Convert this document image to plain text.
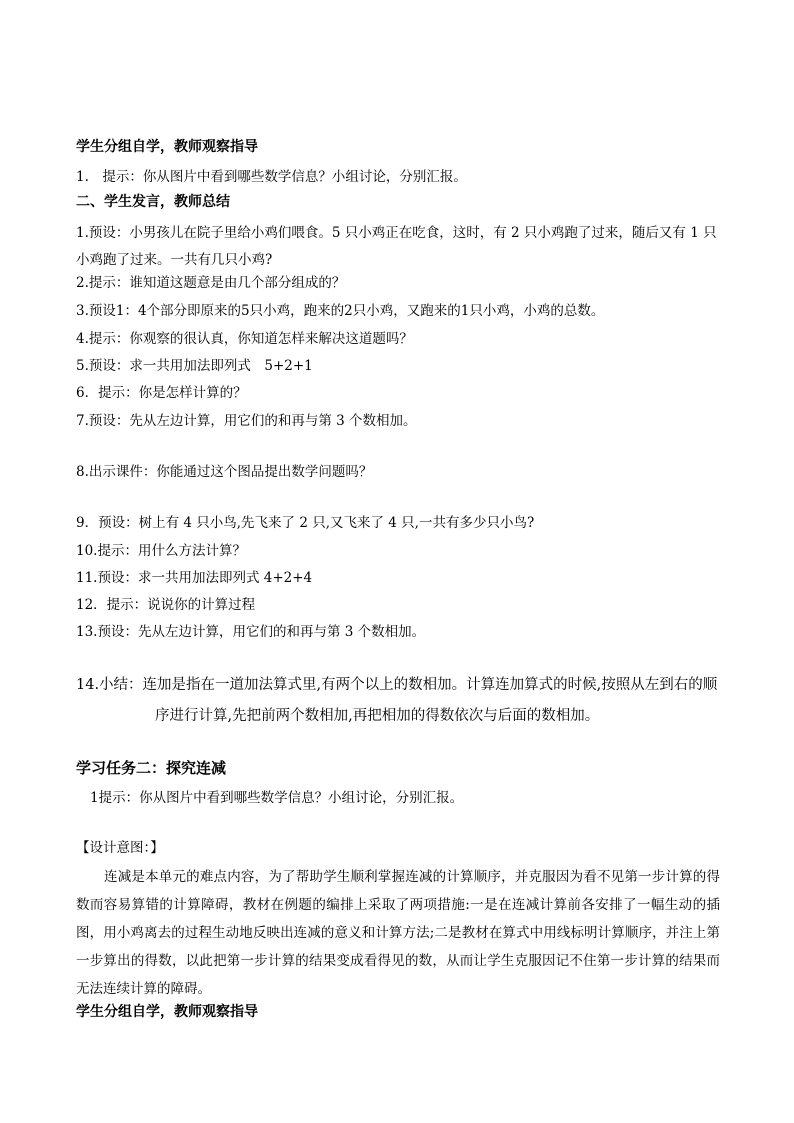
学生分组自学，教师观察指导
1.　提示：你从图片中看到哪些数学信息？小组讨论，分别汇报。
二、学生发言，教师总结
1.预设：小男孩儿在院子里给小鸡们喂食。5 只小鸡正在吃食，这时，有 2 只小鸡跑了过来，随后又有 1 只小鸡跑了过来。一共有几只小鸡?
2.提示：谁知道这题意是由几个部分组成的？
3.预设1：4个部分即原来的5只小鸡，跑来的2只小鸡，又跑来的1只小鸡，小鸡的总数。
4.提示：你观察的很认真，你知道怎样来解决这道题吗？
5.预设：求一共用加法即列式　5+2+1
6．提示：你是怎样计算的？
7.预设：先从左边计算，用它们的和再与第 3 个数相加。
8.出示课件：你能通过这个图品提出数学问题吗？
9．预设：树上有 4 只小鸟,先飞来了 2 只,又飞来了 4 只,一共有多少只小鸟?
10.提示：用什么方法计算？
11.预设：求一共用加法即列式 4+2+4
12．提示：说说你的计算过程
13.预设：先从左边计算，用它们的和再与第 3 个数相加。
14.小结：连加是指在一道加法算式里,有两个以上的数相加。计算连加算式的时候,按照从左到右的顺
序进行计算,先把前两个数相加,再把相加的得数依次与后面的数相加。
学习任务二：探究连减
1提示：你从图片中看到哪些数学信息？小组讨论，分别汇报。
【设计意图：】
连减是本单元的难点内容，为了帮助学生顺利掌握连减的计算顺序，并克服因为看不见第一步计算的得数而容易算错的计算障碍，教材在例题的编排上采取了两项措施:一是在连减计算前各安排了一幅生动的插图，用小鸡离去的过程生动地反映出连减的意义和计算方法;二是教材在算式中用线标明计算顺序，并注上第一步算出的得数，以此把第一步计算的结果变成看得见的数，从而让学生克服因记不住第一步计算的结果而无法连续计算的障碍。
学生分组自学，教师观察指导
